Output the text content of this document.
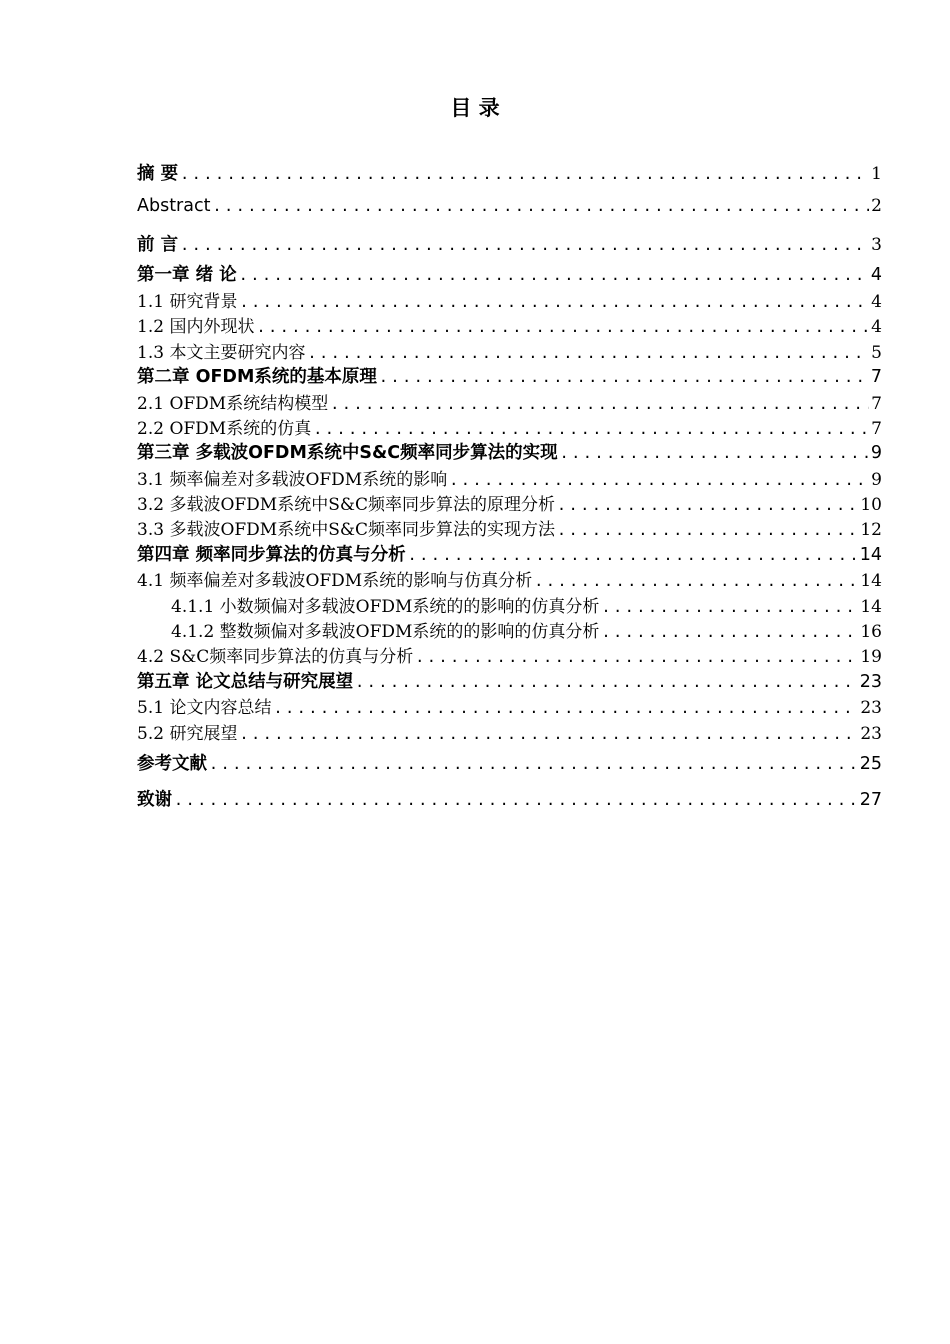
目 录
摘 要 .....	1
Abstract .....	2
前 言 .....	3
第一章 绪 论 .....	4
1.1 研究背景 .....	4
1.2 国内外现状 .....	4
1.3 本文主要研究内容 .....	5
第二章 OFDM系统的基本原理 .....	7
2.1 OFDM系统结构模型 .....	7
2.2 OFDM系统的仿真 .....	7
第三章 多载波OFDM系统中S&C频率同步算法的实现 .....	9
3.1 频率偏差对多载波OFDM系统的影响 .....	9
3.2 多载波OFDM系统中S&C频率同步算法的原理分析 .....	10
3.3 多载波OFDM系统中S&C频率同步算法的实现方法 .....	12
第四章 频率同步算法的仿真与分析 .....	14
4.1 频率偏差对多载波OFDM系统的影响与仿真分析 .....	14
4.1.1 小数频偏对多载波OFDM系统的的影响的仿真分析 .....	14
4.1.2 整数频偏对多载波OFDM系统的的影响的仿真分析 .....	16
4.2 S&C频率同步算法的仿真与分析 .....	19
第五章 论文总结与研究展望 .....	23
5.1 论文内容总结 .....	23
5.2 研究展望 .....	23
参考文献 .....	25
致谢 .....	27
